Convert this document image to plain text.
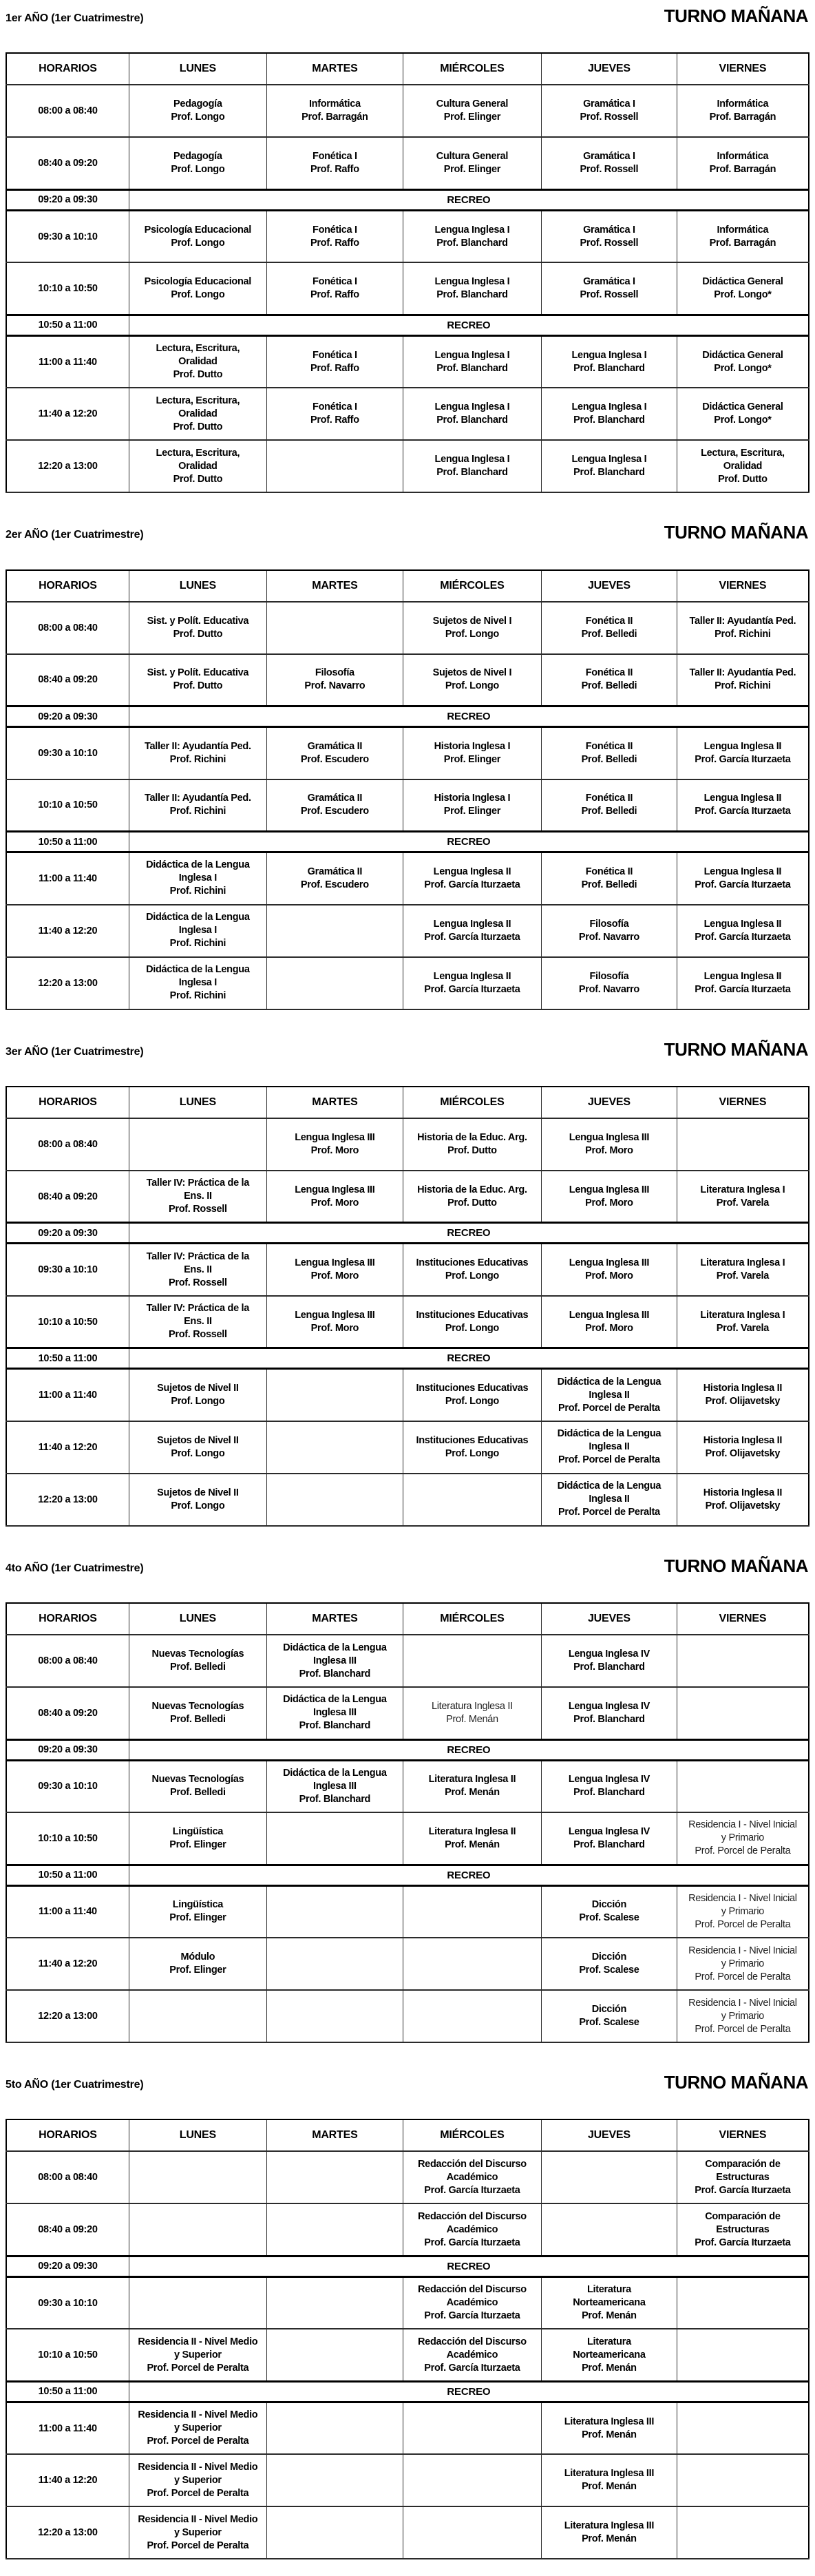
1er AÑO (1er Cuatrimestre)	TURNO MAÑANA
HORARIOS	LUNES	MARTES	MIÉRCOLES	JUEVES	VIERNES
08:00 a 08:40	Pedagogía
Prof. Longo	Informática
Prof. Barragán	Cultura General
Prof. Elinger	Gramática I
Prof. Rossell	Informática
Prof. Barragán

08:40 a 09:20	Pedagogía
Prof. Longo	Fonética I
Prof. Raffo	Cultura General
Prof. Elinger	Gramática I
Prof. Rossell	Informática
Prof. Barragán

09:20 a 09:30	RECREO				
09:30 a 10:10	Psicología Educacional
Prof. Longo	Fonética I
Prof. Raffo	Lengua Inglesa I
Prof. Blanchard	Gramática I
Prof. Rossell	Informática
Prof. Barragán

10:10 a 10:50	Psicología Educacional
Prof. Longo	Fonética I
Prof. Raffo	Lengua Inglesa I
Prof. Blanchard	Gramática I
Prof. Rossell	Didáctica General
Prof. Longo*

10:50 a 11:00	RECREO				
11:00 a 11:40	Lectura, Escritura,
Oralidad
Prof. Dutto	Fonética I
Prof. Raffo	Lengua Inglesa I
Prof. Blanchard	Lengua Inglesa I
Prof. Blanchard	Didáctica General
Prof. Longo*

11:40 a 12:20	Lectura, Escritura,
Oralidad
Prof. Dutto	Fonética I
Prof. Raffo	Lengua Inglesa I
Prof. Blanchard	Lengua Inglesa I
Prof. Blanchard	Didáctica General
Prof. Longo*

12:20 a 13:00	Lectura, Escritura,
Oralidad
Prof. Dutto		Lengua Inglesa I
Prof. Blanchard	Lengua Inglesa I
Prof. Blanchard	Lectura, Escritura,
Oralidad
Prof. Dutto
2er AÑO (1er Cuatrimestre)	TURNO MAÑANA
HORARIOS	LUNES	MARTES	MIÉRCOLES	JUEVES	VIERNES
08:00 a 08:40	Sist. y Polít. Educativa
Prof. Dutto		Sujetos de Nivel I
Prof. Longo	Fonética II
Prof. Belledi	Taller II: Ayudantía Ped.
Prof. Richini

08:40 a 09:20	Sist. y Polít. Educativa
Prof. Dutto	Filosofía
Prof. Navarro	Sujetos de Nivel I
Prof. Longo	Fonética II
Prof. Belledi	Taller II: Ayudantía Ped.
Prof. Richini

09:20 a 09:30	RECREO				
09:30 a 10:10	Taller II: Ayudantía Ped.
Prof. Richini	Gramática II
Prof. Escudero	Historia Inglesa I
Prof. Elinger	Fonética II
Prof. Belledi	Lengua Inglesa II
Prof. García Iturzaeta

10:10 a 10:50	Taller II: Ayudantía Ped.
Prof. Richini	Gramática II
Prof. Escudero	Historia Inglesa I
Prof. Elinger	Fonética II
Prof. Belledi	Lengua Inglesa II
Prof. García Iturzaeta

10:50 a 11:00	RECREO				
11:00 a 11:40	Didáctica de la Lengua
Inglesa I
Prof. Richini	Gramática II
Prof. Escudero	Lengua Inglesa II
Prof. García Iturzaeta	Fonética II
Prof. Belledi	Lengua Inglesa II
Prof. García Iturzaeta

11:40 a 12:20	Didáctica de la Lengua
Inglesa I
Prof. Richini		Lengua Inglesa II
Prof. García Iturzaeta	Filosofía
Prof. Navarro	Lengua Inglesa II
Prof. García Iturzaeta

12:20 a 13:00	Didáctica de la Lengua
Inglesa I
Prof. Richini		Lengua Inglesa II
Prof. García Iturzaeta	Filosofía
Prof. Navarro	Lengua Inglesa II
Prof. García Iturzaeta
3er AÑO (1er Cuatrimestre)	TURNO MAÑANA
HORARIOS	LUNES	MARTES	MIÉRCOLES	JUEVES	VIERNES
08:00 a 08:40		Lengua Inglesa III
Prof. Moro	Historia de la Educ. Arg.
Prof. Dutto	Lengua Inglesa III
Prof. Moro	

08:40 a 09:20	Taller IV: Práctica de la
Ens. II
Prof. Rossell	Lengua Inglesa III
Prof. Moro	Historia de la Educ. Arg.
Prof. Dutto	Lengua Inglesa III
Prof. Moro	Literatura Inglesa I
Prof. Varela

09:20 a 09:30	RECREO				
09:30 a 10:10	Taller IV: Práctica de la
Ens. II
Prof. Rossell	Lengua Inglesa III
Prof. Moro	Instituciones Educativas
Prof. Longo	Lengua Inglesa III
Prof. Moro	Literatura Inglesa I
Prof. Varela

10:10 a 10:50	Taller IV: Práctica de la
Ens. II
Prof. Rossell	Lengua Inglesa III
Prof. Moro	Instituciones Educativas
Prof. Longo	Lengua Inglesa III
Prof. Moro	Literatura Inglesa I
Prof. Varela

10:50 a 11:00	RECREO				
11:00 a 11:40	Sujetos de Nivel II
Prof. Longo		Instituciones Educativas
Prof. Longo	Didáctica de la Lengua
Inglesa II
Prof. Porcel de Peralta	Historia Inglesa II
Prof. Olijavetsky

11:40 a 12:20	Sujetos de Nivel II
Prof. Longo		Instituciones Educativas
Prof. Longo	Didáctica de la Lengua
Inglesa II
Prof. Porcel de Peralta	Historia Inglesa II
Prof. Olijavetsky

12:20 a 13:00	Sujetos de Nivel II
Prof. Longo			Didáctica de la Lengua
Inglesa II
Prof. Porcel de Peralta	Historia Inglesa II
Prof. Olijavetsky
4to AÑO (1er Cuatrimestre)	TURNO MAÑANA
HORARIOS	LUNES	MARTES	MIÉRCOLES	JUEVES	VIERNES
08:00 a 08:40	Nuevas Tecnologías
Prof. Belledi	Didáctica de la Lengua
Inglesa III
Prof. Blanchard		Lengua Inglesa IV
Prof. Blanchard	

08:40 a 09:20	Nuevas Tecnologías
Prof. Belledi	Didáctica de la Lengua
Inglesa III
Prof. Blanchard	Literatura Inglesa II
Prof. Menán	Lengua Inglesa IV
Prof. Blanchard	

09:20 a 09:30	RECREO				
09:30 a 10:10	Nuevas Tecnologías
Prof. Belledi	Didáctica de la Lengua
Inglesa III
Prof. Blanchard	Literatura Inglesa II
Prof. Menán	Lengua Inglesa IV
Prof. Blanchard	

10:10 a 10:50	Lingüística
Prof. Elinger		Literatura Inglesa II
Prof. Menán	Lengua Inglesa IV
Prof. Blanchard	Residencia I - Nivel Inicial
y Primario
Prof. Porcel de Peralta

10:50 a 11:00	RECREO				
11:00 a 11:40	Lingüística
Prof. Elinger			Dicción
Prof. Scalese	Residencia I - Nivel Inicial
y Primario
Prof. Porcel de Peralta

11:40 a 12:20	Módulo
Prof. Elinger			Dicción
Prof. Scalese	Residencia I - Nivel Inicial
y Primario
Prof. Porcel de Peralta

12:20 a 13:00				Dicción
Prof. Scalese	Residencia I - Nivel Inicial
y Primario
Prof. Porcel de Peralta
5to AÑO (1er Cuatrimestre)	TURNO MAÑANA
HORARIOS	LUNES	MARTES	MIÉRCOLES	JUEVES	VIERNES
08:00 a 08:40			Redacción del Discurso
Académico
Prof. García Iturzaeta		Comparación de
Estructuras
Prof. García Iturzaeta

08:40 a 09:20			Redacción del Discurso
Académico
Prof. García Iturzaeta		Comparación de
Estructuras
Prof. García Iturzaeta

09:20 a 09:30	RECREO				
09:30 a 10:10			Redacción del Discurso
Académico
Prof. García Iturzaeta	Literatura
Norteamericana
Prof. Menán	

10:10 a 10:50	Residencia II - Nivel Medio
y Superior
Prof. Porcel de Peralta		Redacción del Discurso
Académico
Prof. García Iturzaeta	Literatura
Norteamericana
Prof. Menán	

10:50 a 11:00	RECREO				
11:00 a 11:40	Residencia II - Nivel Medio
y Superior
Prof. Porcel de Peralta			Literatura Inglesa III
Prof. Menán	

11:40 a 12:20	Residencia II - Nivel Medio
y Superior
Prof. Porcel de Peralta			Literatura Inglesa III
Prof. Menán	

12:20 a 13:00	Residencia II - Nivel Medio
y Superior
Prof. Porcel de Peralta			Literatura Inglesa III
Prof. Menán	
